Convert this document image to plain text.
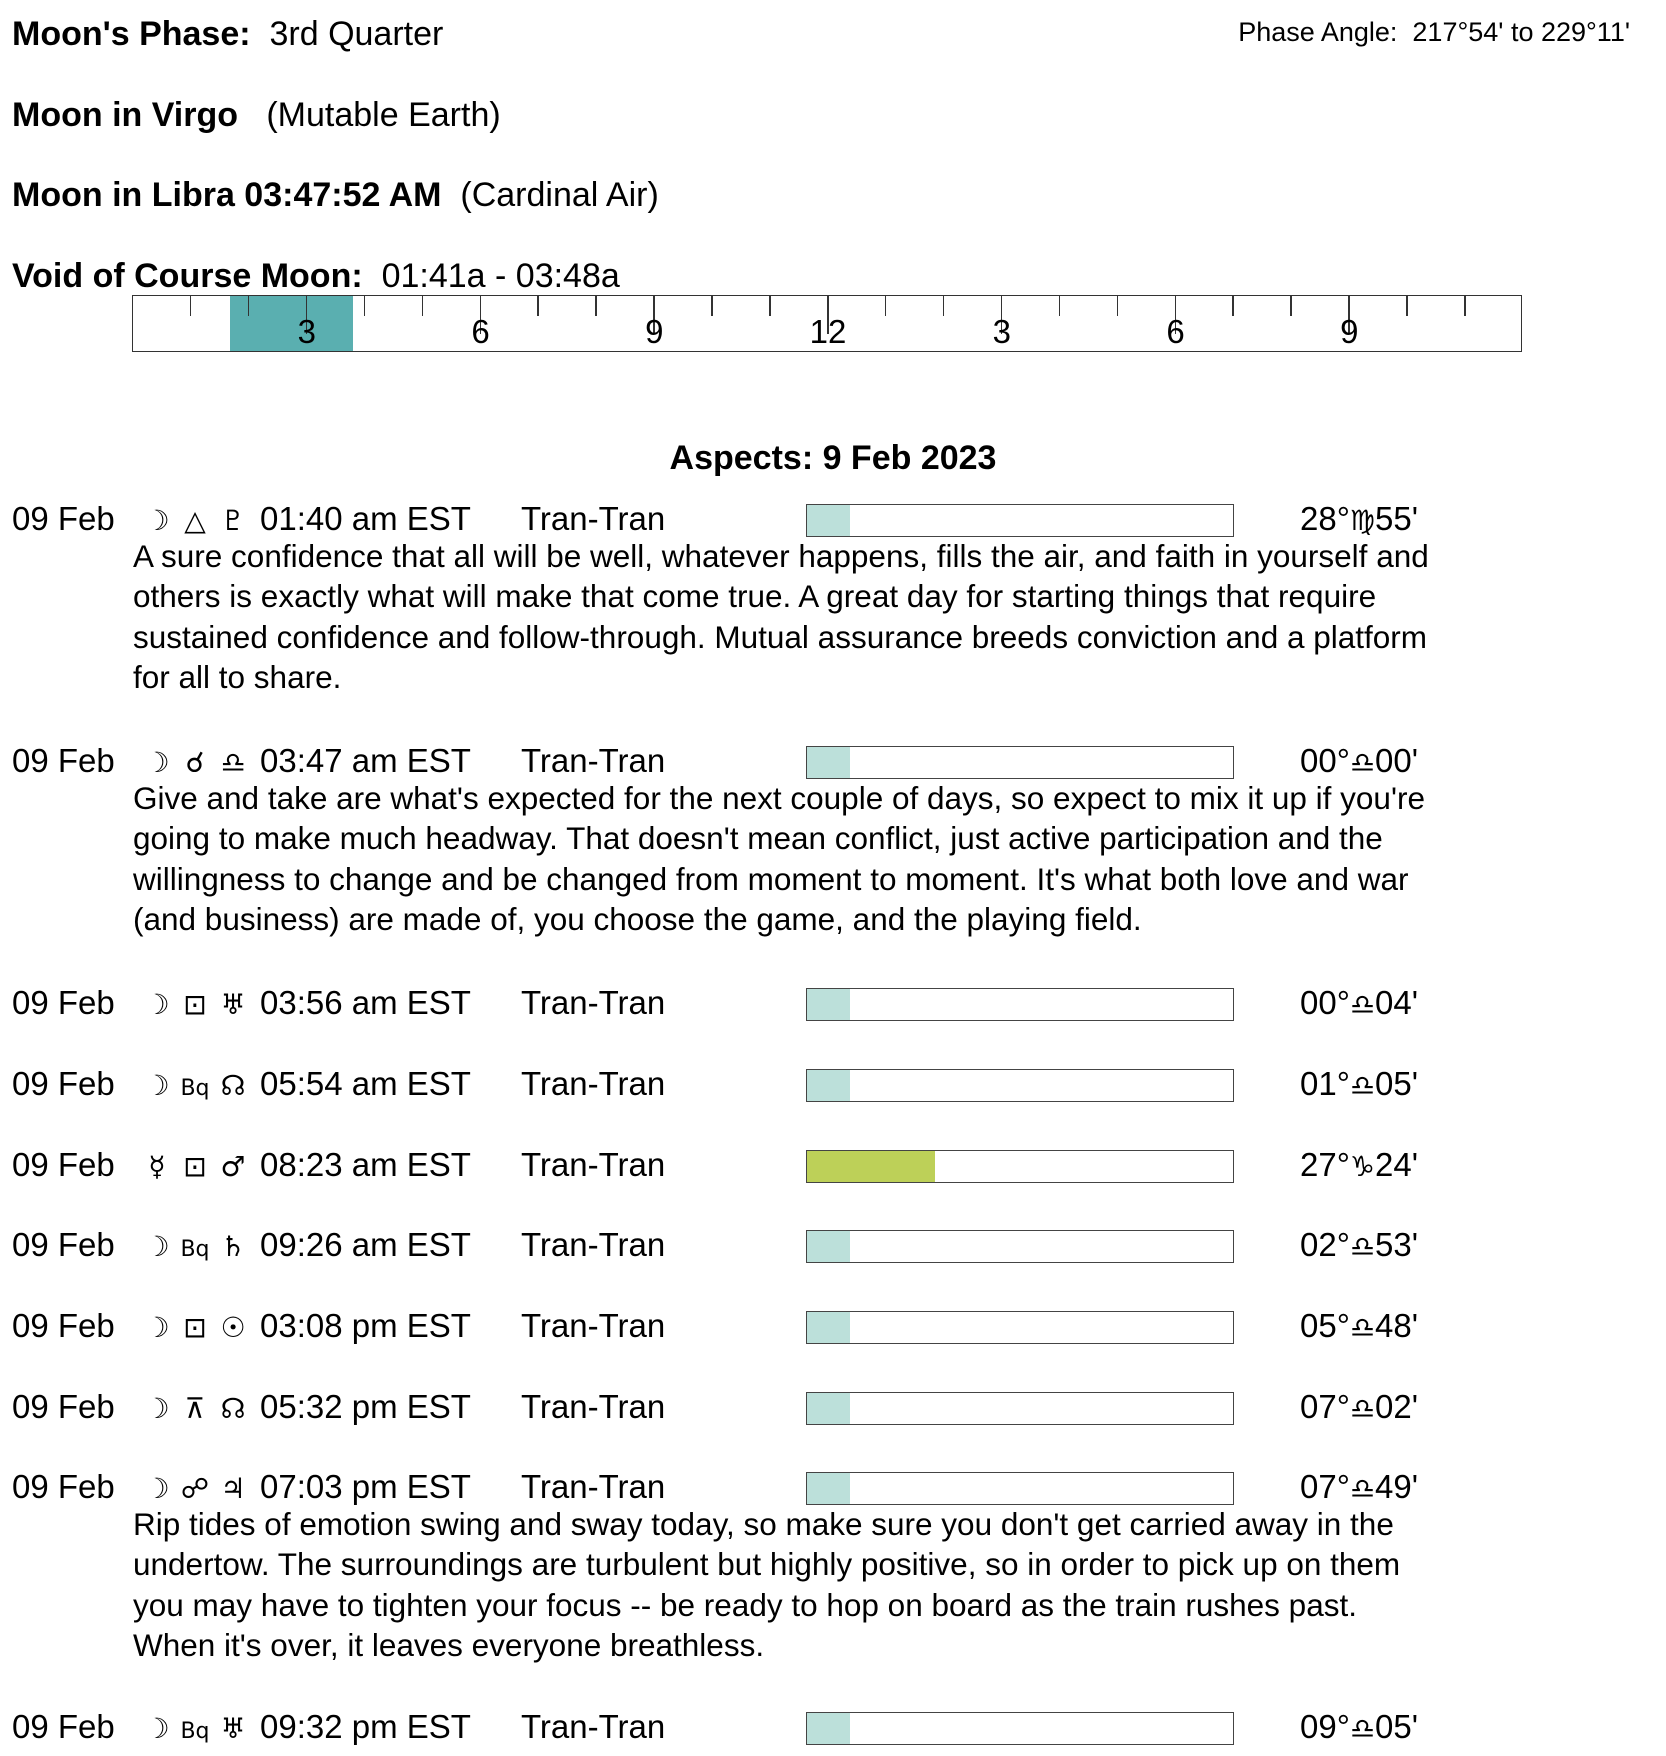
Moon's Phase: 3rd Quarter	Phase Angle: 217°54' to 229°11'
Moon in Virgo (Mutable Earth)
Moon in Libra 03:47:52 AM (Cardinal Air)
Void of Course Moon: 01:41a - 03:48a
3	6	9	12	3	6	9
Aspects: 9 Feb 2023
09 Feb ☽ △ ♇ 01:40 am EST Tran-Tran	28°♍55'
A sure confidence that all will be well, whatever happens, fills the air, and faith in yourself and
others is exactly what will make that come true. A great day for starting things that require
sustained confidence and follow-through. Mutual assurance breeds conviction and a platform
for all to share.
09 Feb ☽ ☌ ♎ 03:47 am EST Tran-Tran	00°♎00'
Give and take are what's expected for the next couple of days, so expect to mix it up if you're
going to make much headway. That doesn't mean conflict, just active participation and the
willingness to change and be changed from moment to moment. It's what both love and war
(and business) are made of, you choose the game, and the playing field.
09 Feb ☽ ⊡ ♅ 03:56 am EST Tran-Tran	00°♎04'
09 Feb ☽ Bq ☊ 05:54 am EST Tran-Tran	01°♎05'
09 Feb ☿ ⊡ ♂ 08:23 am EST Tran-Tran	27°♑24'
09 Feb ☽ Bq ♄ 09:26 am EST Tran-Tran	02°♎53'
09 Feb ☽ ⊡ ☉ 03:08 pm EST Tran-Tran	05°♎48'
09 Feb ☽ ⊼ ☊ 05:32 pm EST Tran-Tran	07°♎02'
09 Feb ☽ ☍ ♃ 07:03 pm EST Tran-Tran	07°♎49'
Rip tides of emotion swing and sway today, so make sure you don't get carried away in the
undertow. The surroundings are turbulent but highly positive, so in order to pick up on them
you may have to tighten your focus -- be ready to hop on board as the train rushes past.
When it's over, it leaves everyone breathless.
09 Feb ☽ Bq ♅ 09:32 pm EST Tran-Tran	09°♎05'
